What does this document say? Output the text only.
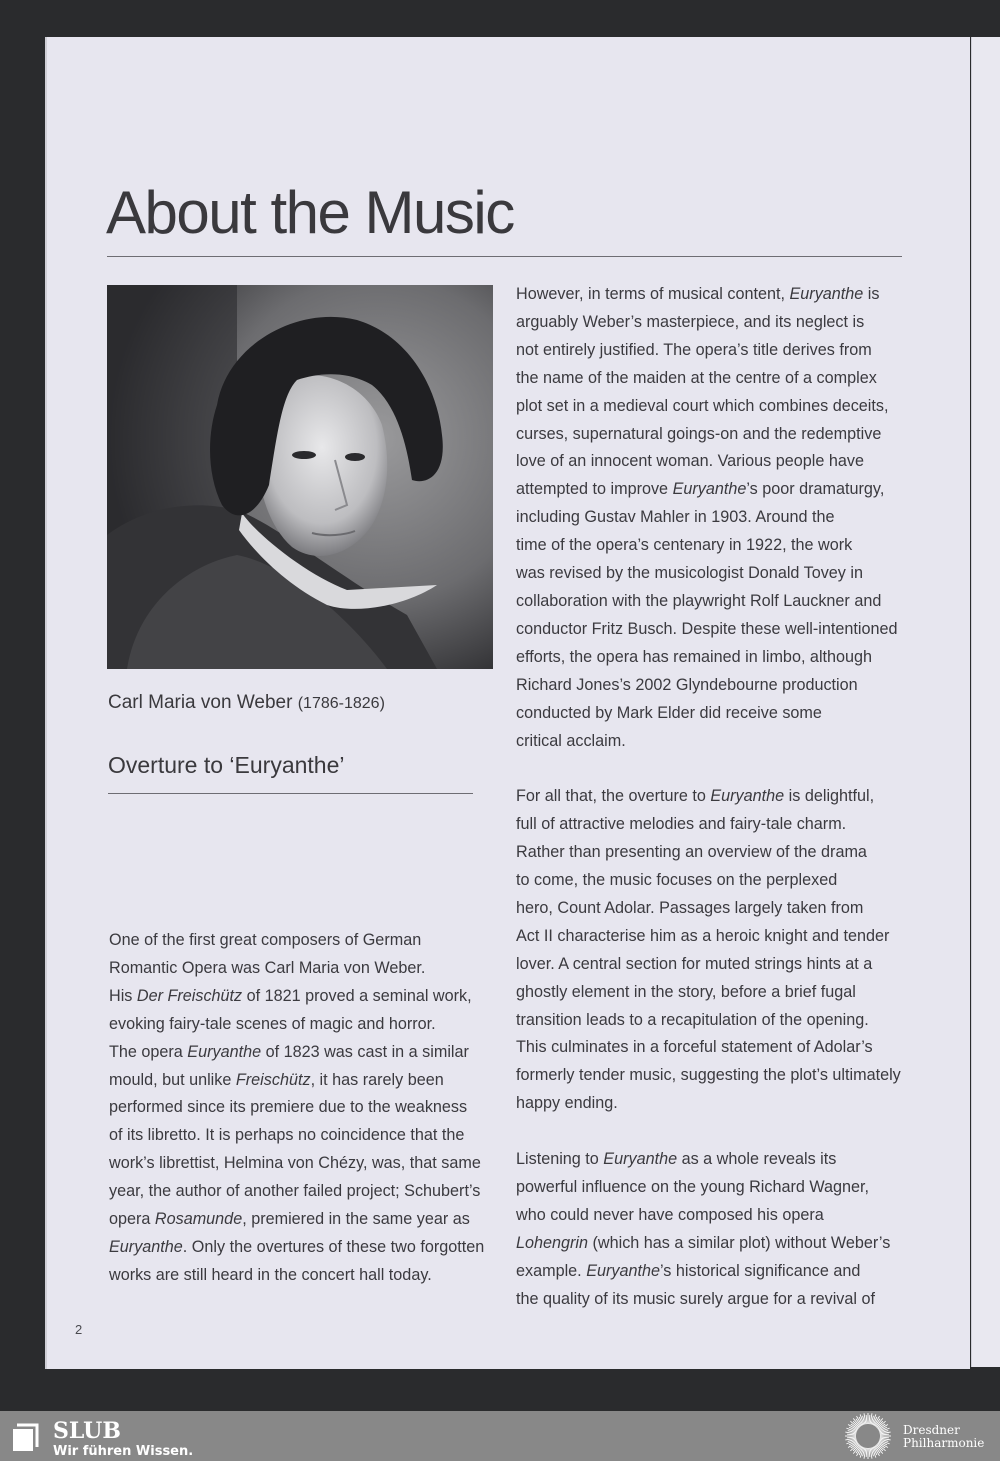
About the Music
Carl Maria von Weber (1786-1826)
Overture to ‘Euryanthe’

One of the first great composers of German
Romantic Opera was Carl Maria von Weber.
His Der Freischütz of 1821 proved a seminal work,
evoking fairy-tale scenes of magic and horror.
The opera Euryanthe of 1823 was cast in a similar
mould, but unlike Freischütz, it has rarely been
performed since its premiere due to the weakness
of its libretto. It is perhaps no coincidence that the
work’s librettist, Helmina von Chézy, was, that same
year, the author of another failed project; Schubert’s
opera Rosamunde, premiered in the same year as
Euryanthe. Only the overtures of these two forgotten
works are still heard in the concert hall today.

However, in terms of musical content, Euryanthe is
arguably Weber’s masterpiece, and its neglect is
not entirely justified. The opera’s title derives from
the name of the maiden at the centre of a complex
plot set in a medieval court which combines deceits,
curses, supernatural goings-on and the redemptive
love of an innocent woman. Various people have
attempted to improve Euryanthe’s poor dramaturgy,
including Gustav Mahler in 1903. Around the
time of the opera’s centenary in 1922, the work
was revised by the musicologist Donald Tovey in
collaboration with the playwright Rolf Lauckner and
conductor Fritz Busch. Despite these well-intentioned
efforts, the opera has remained in limbo, although
Richard Jones’s 2002 Glyndebourne production
conducted by Mark Elder did receive some
critical acclaim.

For all that, the overture to Euryanthe is delightful,
full of attractive melodies and fairy-tale charm.
Rather than presenting an overview of the drama
to come, the music focuses on the perplexed
hero, Count Adolar. Passages largely taken from
Act II characterise him as a heroic knight and tender
lover. A central section for muted strings hints at a
ghostly element in the story, before a brief fugal
transition leads to a recapitulation of the opening.
This culminates in a forceful statement of Adolar’s
formerly tender music, suggesting the plot’s ultimately
happy ending.

Listening to Euryanthe as a whole reveals its
powerful influence on the young Richard Wagner,
who could never have composed his opera
Lohengrin (which has a similar plot) without Weber’s
example. Euryanthe’s historical significance and
the quality of its music surely argue for a revival of

2
SLUB
Wir führen Wissen.
Dresdner
Philharmonie
